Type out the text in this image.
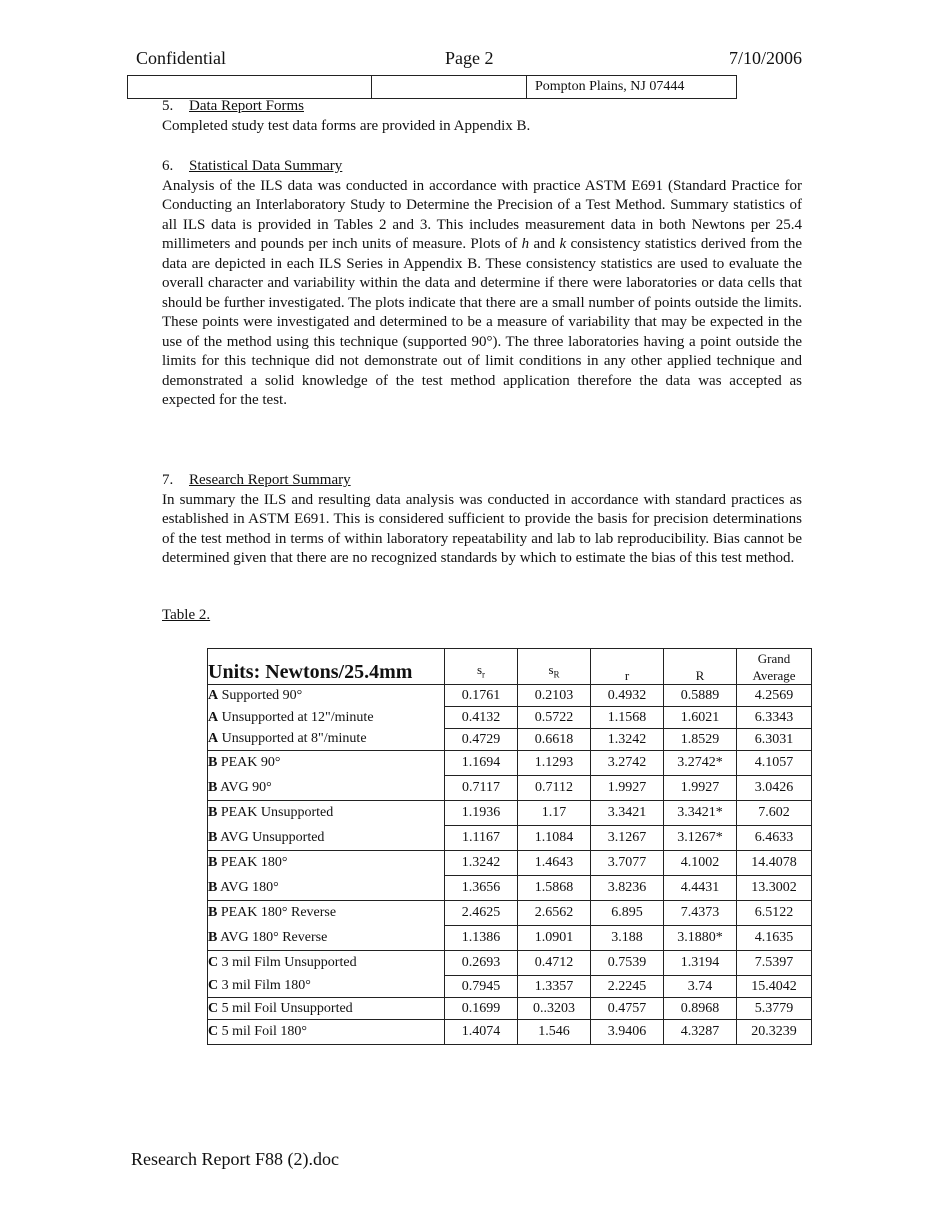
Confidential	Page 2	7/10/2006
Pompton Plains, NJ 07444
5. Data Report Forms
Completed study test data forms are provided in Appendix B.
6. Statistical Data Summary
Analysis of the ILS data was conducted in accordance with practice ASTM E691 (Standard Practice for Conducting an Interlaboratory Study to Determine the Precision of a Test Method. Summary statistics of all ILS data is provided in Tables 2 and 3. This includes measurement data in both Newtons per 25.4 millimeters and pounds per inch units of measure. Plots of h and k consistency statistics derived from the data are depicted in each ILS Series in Appendix B. These consistency statistics are used to evaluate the overall character and variability within the data and determine if there were laboratories or data cells that should be further investigated. The plots indicate that there are a small number of points outside the limits. These points were investigated and determined to be a measure of variability that may be expected in the use of the method using this technique (supported 90°). The three laboratories having a point outside the limits for this technique did not demonstrate out of limit conditions in any other applied technique and demonstrated a solid knowledge of the test method application therefore the data was accepted as expected for the test.
7. Research Report Summary
In summary the ILS and resulting data analysis was conducted in accordance with standard practices as established in ASTM E691. This is considered sufficient to provide the basis for precision determinations of the test method in terms of within laboratory repeatability and lab to lab reproducibility. Bias cannot be determined given that there are no recognized standards by which to estimate the bias of this test method.
Table 2.
Units: Newtons/25.4mm	$s_r$	$s_R$	r	R	Grand Average
A Supported 90°	0.1761	0.2103	0.4932	0.5889	4.2569
A Unsupported at 12"/minute	0.4132	0.5722	1.1568	1.6021	6.3343
A Unsupported at 8"/minute	0.4729	0.6618	1.3242	1.8529	6.3031
B PEAK 90°	1.1694	1.1293	3.2742	3.2742*	4.1057
B AVG 90°	0.7117	0.7112	1.9927	1.9927	3.0426
B PEAK Unsupported	1.1936	1.17	3.3421	3.3421*	7.602
B AVG Unsupported	1.1167	1.1084	3.1267	3.1267*	6.4633
B PEAK 180°	1.3242	1.4643	3.7077	4.1002	14.4078
B AVG 180°	1.3656	1.5868	3.8236	4.4431	13.3002
B PEAK 180° Reverse	2.4625	2.6562	6.895	7.4373	6.5122
B AVG 180° Reverse	1.1386	1.0901	3.188	3.1880*	4.1635
C 3 mil Film Unsupported	0.2693	0.4712	0.7539	1.3194	7.5397
C 3 mil Film 180°	0.7945	1.3357	2.2245	3.74	15.4042
C 5 mil Foil Unsupported	0.1699	0..3203	0.4757	0.8968	5.3779
C 5 mil Foil 180°	1.4074	1.546	3.9406	4.3287	20.3239
Research Report F88 (2).doc
